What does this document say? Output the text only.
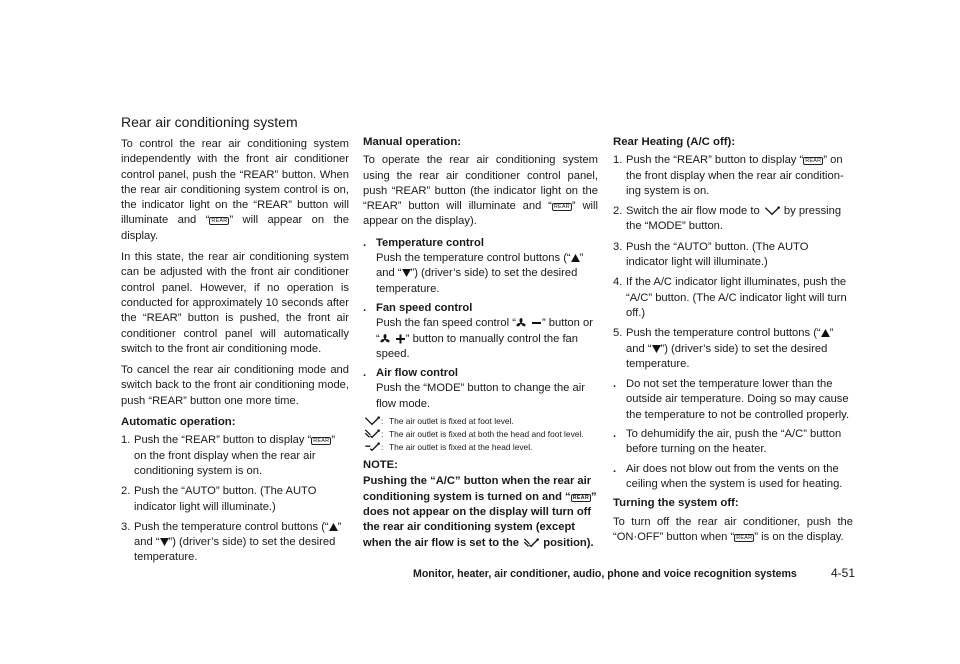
Rear air conditioning system

To control the rear air conditioning system independently with the front air conditioner control panel, push the “REAR” button. When the rear air conditioning system control is on, the indicator light on the “REAR” button will illuminate and “ REAR ” will appear on the display.

In this state, the rear air conditioning system can be adjusted with the front air conditioner control panel. However, if no operation is conducted for approximately 10 seconds after the “REAR” button is pushed, the front air conditioner control panel will automatically switch to the front air conditioning mode.

To cancel the rear air conditioning mode and switch back to the front air conditioning mode, push “REAR” button one more time.

Automatic operation:
1. Push the “REAR” button to display “ REAR ” on the front display when the rear air conditioning system is on.
2. Push the “AUTO” button. (The AUTO indicator light will illuminate.)
3. Push the temperature control buttons (“ ” and “ ”) (driver’s side) to set the desired temperature.
Manual operation:

To operate the rear air conditioning system using the rear air conditioner control panel, push “REAR” button (the indicator light on the “REAR” button will illuminate and “ REAR ” will appear on the display).

. Temperature control
Push the temperature control buttons (“ ” and “ ”) (driver’s side) to set the desired temperature.
. Fan speed control
Push the fan speed control “ ” button or “ ” button to manually control the fan speed.
. Air flow control
Push the “MODE” button to change the air flow mode.
: The air outlet is fixed at foot level.
: The air outlet is fixed at both the head and foot level.
: The air outlet is fixed at the head level.
NOTE:
Pushing the “A/C” button when the rear air conditioning system is turned on and “ REAR ” does not appear on the display will turn off the rear air conditioning system (except when the air flow is set to the  position).
Rear Heating (A/C off):
1. Push the “REAR” button to display “ REAR ” on the front display when the rear air conditioning system is on.
2. Switch the air flow mode to  by pressing the “MODE” button.
3. Push the “AUTO” button. (The AUTO indicator light will illuminate.)
4. If the A/C indicator light illuminates, push the “A/C” button. (The A/C indicator light will turn off.)
5. Push the temperature control buttons (“ ” and “ ”) (driver’s side) to set the desired temperature.
. Do not set the temperature lower than the outside air temperature. Doing so may cause the temperature to not be controlled properly.
. To dehumidify the air, push the “A/C” button before turning on the heater.
. Air does not blow out from the vents on the ceiling when the system is used for heating.
Turning the system off:

To turn off the rear air conditioner, push the “ON·OFF” button when “ REAR ” is on the display.

Monitor, heater, air conditioner, audio, phone and voice recognition systems	4-51
